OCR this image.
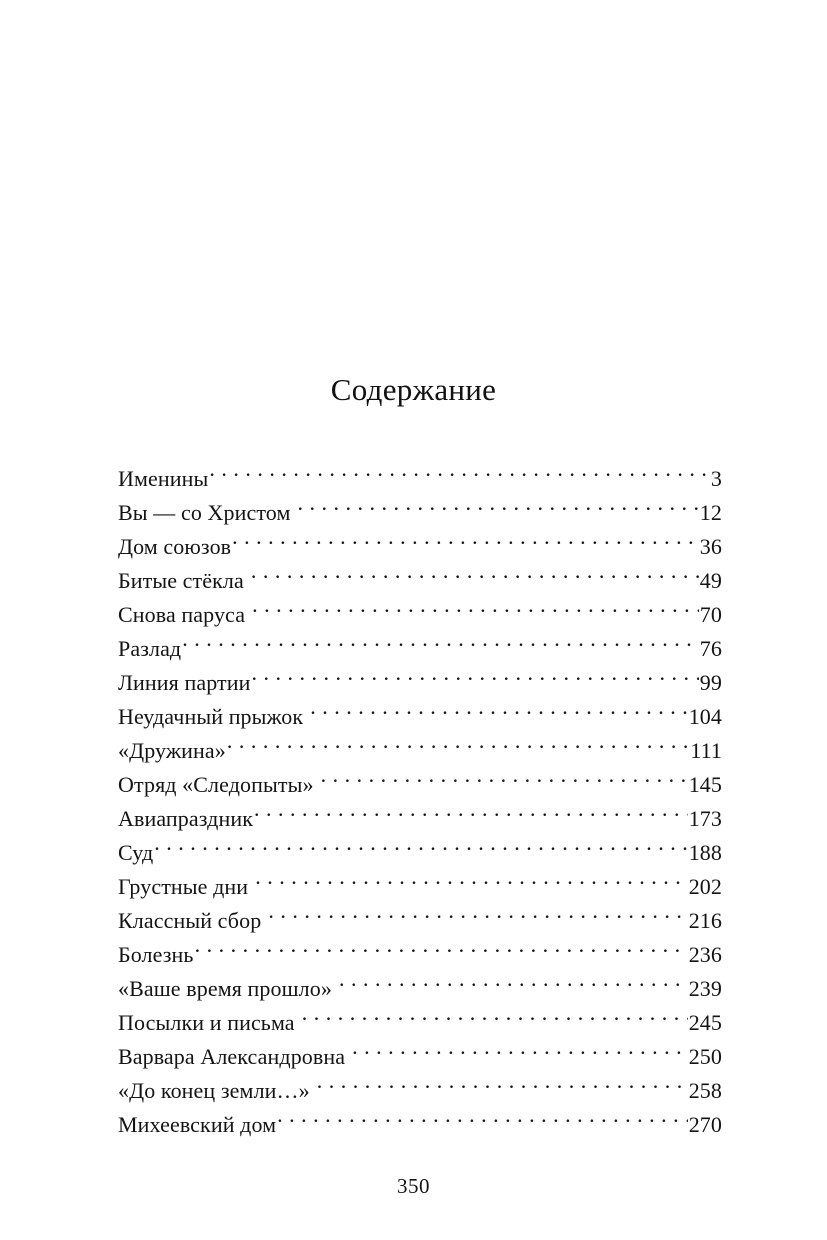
Содержание
Именины . . .	3
Вы — со Христом . . .	12
Дом союзов . . .	36
Битые стёкла . . .	49
Снова паруса . . .	70
Разлад . . .	76
Линия партии . . .	99
Неудачный прыжок . . .	104
«Дружина» . . .	111
Отряд «Следопыты» . . .	145
Авиапраздник . . .	173
Суд . . .	188
Грустные дни . . .	202
Классный сбор . . .	216
Болезнь . . .	236
«Ваше время прошло» . . .	239
Посылки и письма . . .	245
Варвара Александровна . . .	250
«До конец земли…» . . .	258
Михеевский дом . . .	270
350
